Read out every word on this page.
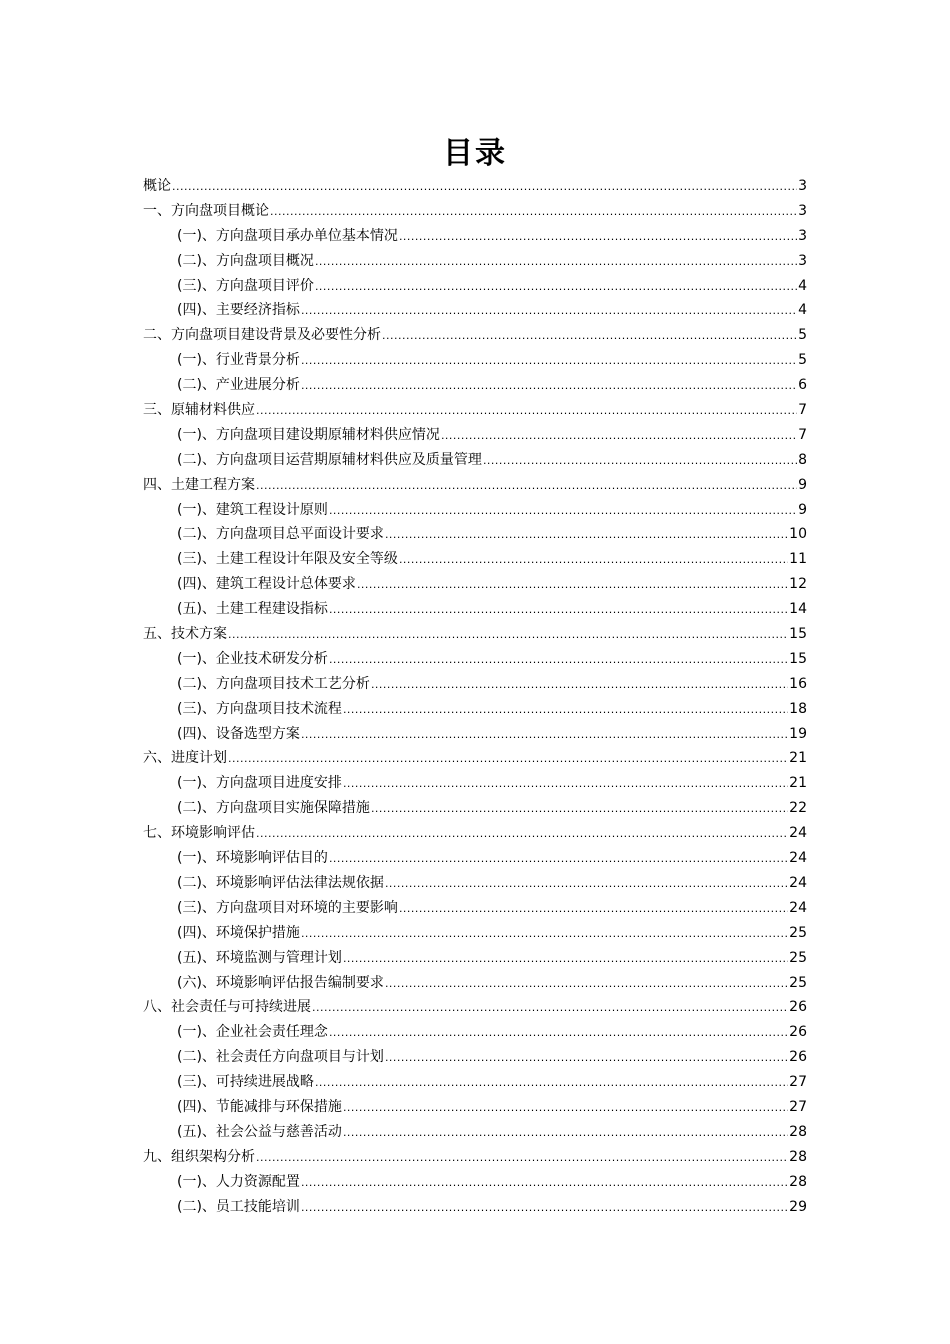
目录
概论 .....	3
一、方向盘项目概论 .....	3
(一)、方向盘项目承办单位基本情况 .....	3
(二)、方向盘项目概况 .....	3
(三)、方向盘项目评价 .....	4
(四)、主要经济指标 .....	4
二、方向盘项目建设背景及必要性分析 .....	5
(一)、行业背景分析 .....	5
(二)、产业进展分析 .....	6
三、原辅材料供应 .....	7
(一)、方向盘项目建设期原辅材料供应情况 .....	7
(二)、方向盘项目运营期原辅材料供应及质量管理 .....	8
四、土建工程方案 .....	9
(一)、建筑工程设计原则 .....	9
(二)、方向盘项目总平面设计要求 .....	10
(三)、土建工程设计年限及安全等级 .....	11
(四)、建筑工程设计总体要求 .....	12
(五)、土建工程建设指标 .....	14
五、技术方案 .....	15
(一)、企业技术研发分析 .....	15
(二)、方向盘项目技术工艺分析 .....	16
(三)、方向盘项目技术流程 .....	18
(四)、设备选型方案 .....	19
六、进度计划 .....	21
(一)、方向盘项目进度安排 .....	21
(二)、方向盘项目实施保障措施 .....	22
七、环境影响评估 .....	24
(一)、环境影响评估目的 .....	24
(二)、环境影响评估法律法规依据 .....	24
(三)、方向盘项目对环境的主要影响 .....	24
(四)、环境保护措施 .....	25
(五)、环境监测与管理计划 .....	25
(六)、环境影响评估报告编制要求 .....	25
八、社会责任与可持续进展 .....	26
(一)、企业社会责任理念 .....	26
(二)、社会责任方向盘项目与计划 .....	26
(三)、可持续进展战略 .....	27
(四)、节能减排与环保措施 .....	27
(五)、社会公益与慈善活动 .....	28
九、组织架构分析 .....	28
(一)、人力资源配置 .....	28
(二)、员工技能培训 .....	29
